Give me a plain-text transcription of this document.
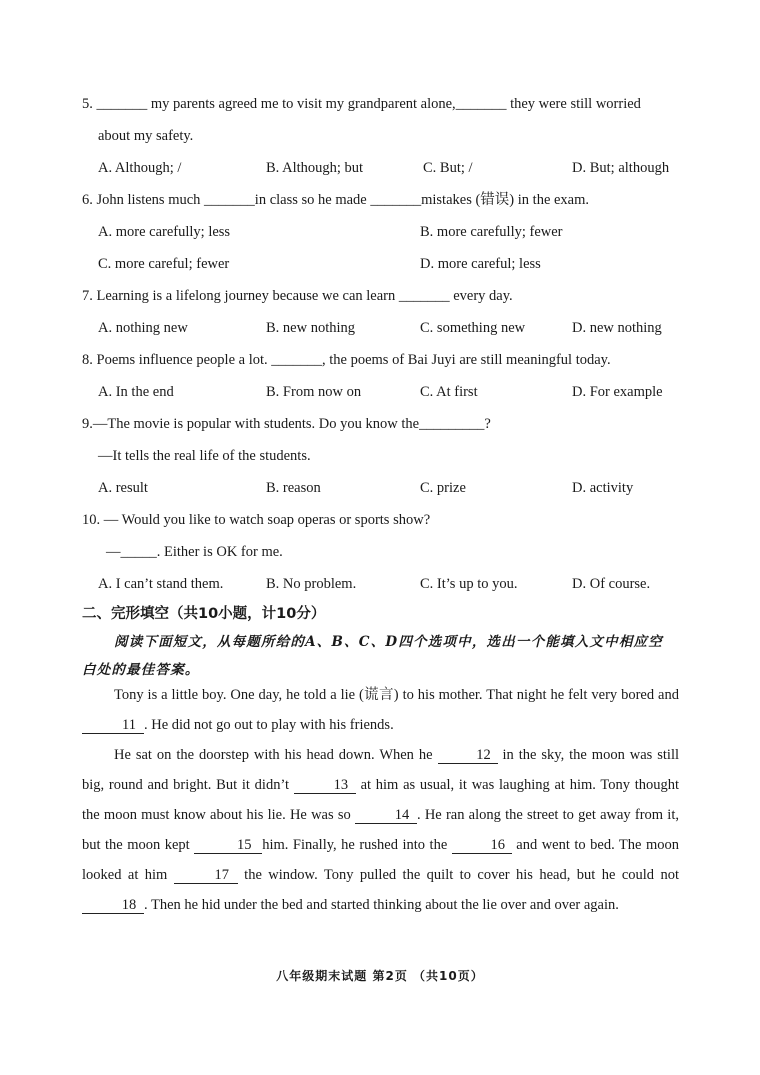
5. _______ my parents agreed me to visit my grandparent alone,_______ they were still worried
about my safety.
A. Although; /	B. Although; but	C. But; /	D. But; although
6. John listens much _______in class so he made _______mistakes (错误) in the exam.
A. more carefully; less	B. more carefully; fewer
C. more careful; fewer	D. more careful; less
7. Learning is a lifelong journey because we can learn _______ every day.
A. nothing new	B. new nothing	C. something new	D. new nothing
8. Poems influence people a lot. _______, the poems of Bai Juyi are still meaningful today.
A. In the end	B. From now on	C. At first	D. For example
9.—The movie is popular with students. Do you know the_________?
—It tells the real life of the students.
A. result	B. reason	C. prize	D. activity
10. — Would you like to watch soap operas or sports show?
—_____. Either is OK for me.
A. I can’t stand them.	B. No problem.	C. It’s up to you.	D. Of course.
二、完形填空（共10小题，计10分）
阅读下面短文，从每题所给的A、B、C、D四个选项中，选出一个能填入文中相应空
白处的最佳答案。
Tony is a little boy. One day, he told a lie (谎言) to his mother. That night he felt very bored and 11 . He did not go out to play with his friends.
He sat on the doorstep with his head down. When he	12 in the sky, the moon was still big, round and bright. But it didn’t	13 at him as usual, it was laughing at him. Tony thought the moon must know about his lie. He was so	14 . He ran along the street to get away from it, but the moon kept	15 him. Finally, he rushed into the	16 and went to bed. The moon looked at him	17 the window. Tony pulled the quilt to cover his head, but he could not 18 . Then he hid under the bed and started thinking about the lie over and over again.
八年级期末试题 第2页 （共10页）
